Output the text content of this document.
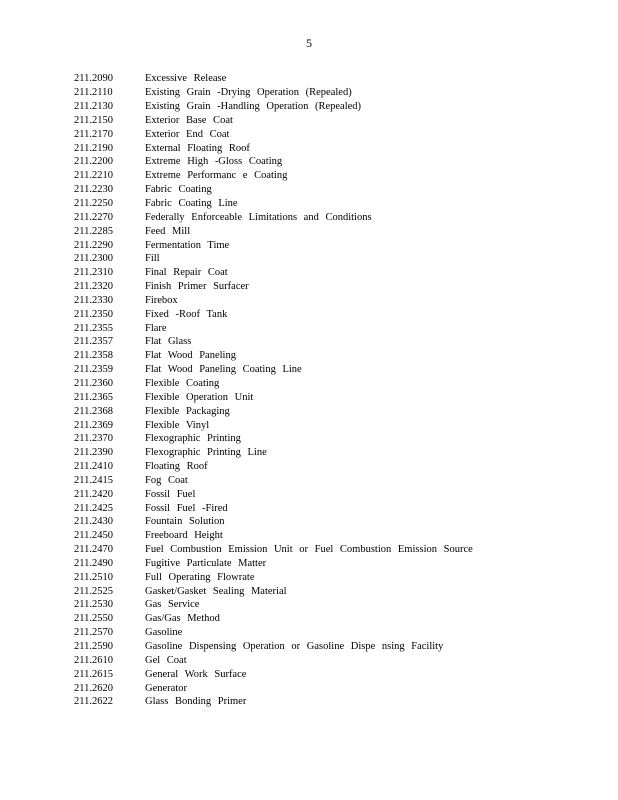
5
211.2090	Excessive Release
211.2110	Existing Grain -Drying Operation (Repealed)
211.2130	Existing Grain -Handling Operation (Repealed)
211.2150	Exterior Base Coat
211.2170	Exterior End Coat
211.2190	External Floating Roof
211.2200	Extreme High -Gloss Coating
211.2210	Extreme Performanc e Coating
211.2230	Fabric Coating
211.2250	Fabric Coating Line
211.2270	Federally Enforceable Limitations and Conditions
211.2285	Feed Mill
211.2290	Fermentation Time
211.2300	Fill
211.2310	Final Repair Coat
211.2320	Finish Primer Surfacer
211.2330	Firebox
211.2350	Fixed -Roof Tank
211.2355	Flare
211.2357	Flat Glass
211.2358	Flat Wood Paneling
211.2359	Flat Wood Paneling Coating Line
211.2360	Flexible Coating
211.2365	Flexible Operation Unit
211.2368	Flexible Packaging
211.2369	Flexible Vinyl
211.2370	Flexographic Printing
211.2390	Flexographic Printing Line
211.2410	Floating Roof
211.2415	Fog Coat
211.2420	Fossil Fuel
211.2425	Fossil Fuel -Fired
211.2430	Fountain Solution
211.2450	Freeboard Height
211.2470	Fuel Combustion Emission Unit or Fuel Combustion Emission Source
211.2490	Fugitive Particulate Matter
211.2510	Full Operating Flowrate
211.2525	Gasket/Gasket Sealing Material
211.2530	Gas Service
211.2550	Gas/Gas Method
211.2570	Gasoline
211.2590	Gasoline Dispensing Operation or Gasoline Dispe nsing Facility
211.2610	Gel Coat
211.2615	General Work Surface
211.2620	Generator
211.2622	Glass Bonding Primer
